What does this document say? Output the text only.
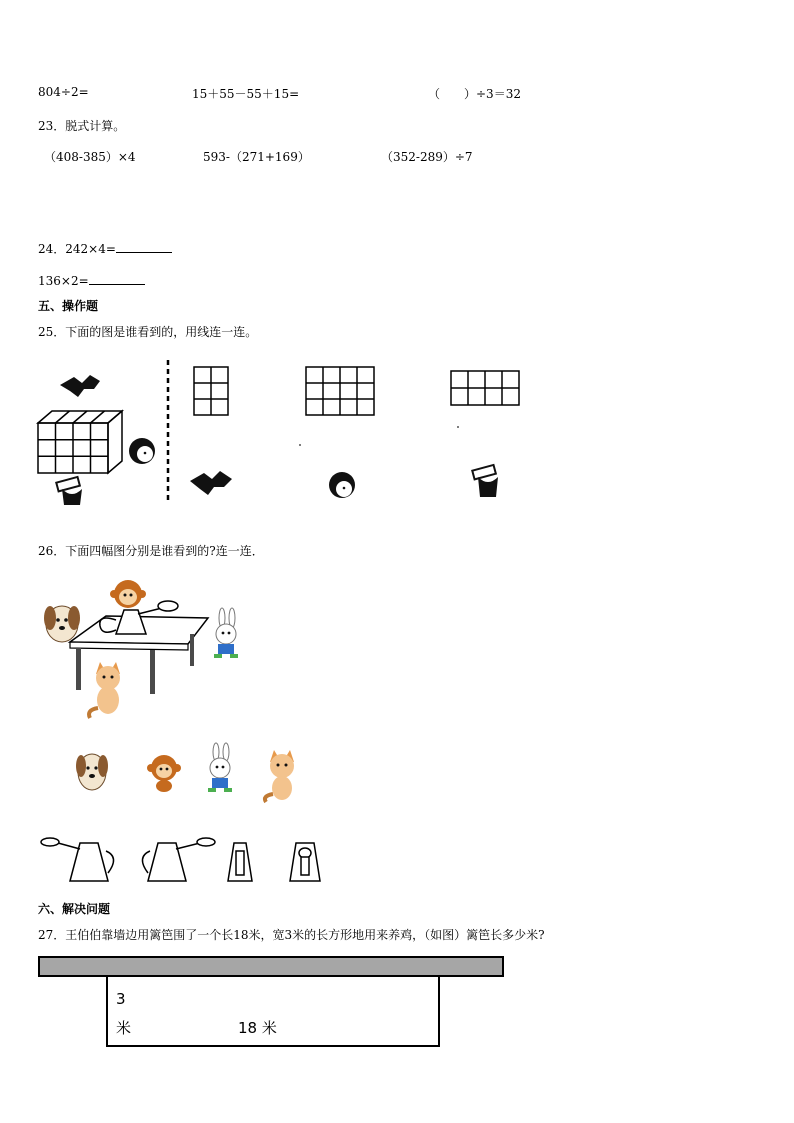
804÷2=	15＋55－55＋15=	（　　）÷3＝32
23．脱式计算。
（408-385）×4	593-（271+169）	（352-289）÷7
24．242×4=
136×2=
五、操作题
25．下面的图是谁看到的，用线连一连。
26．下面四幅图分别是谁看到的?连一连．
六、解决问题
27．王伯伯靠墙边用篱笆围了一个长18米，宽3米的长方形地用来养鸡，（如图）篱笆长多少米?
3
米	18 米
